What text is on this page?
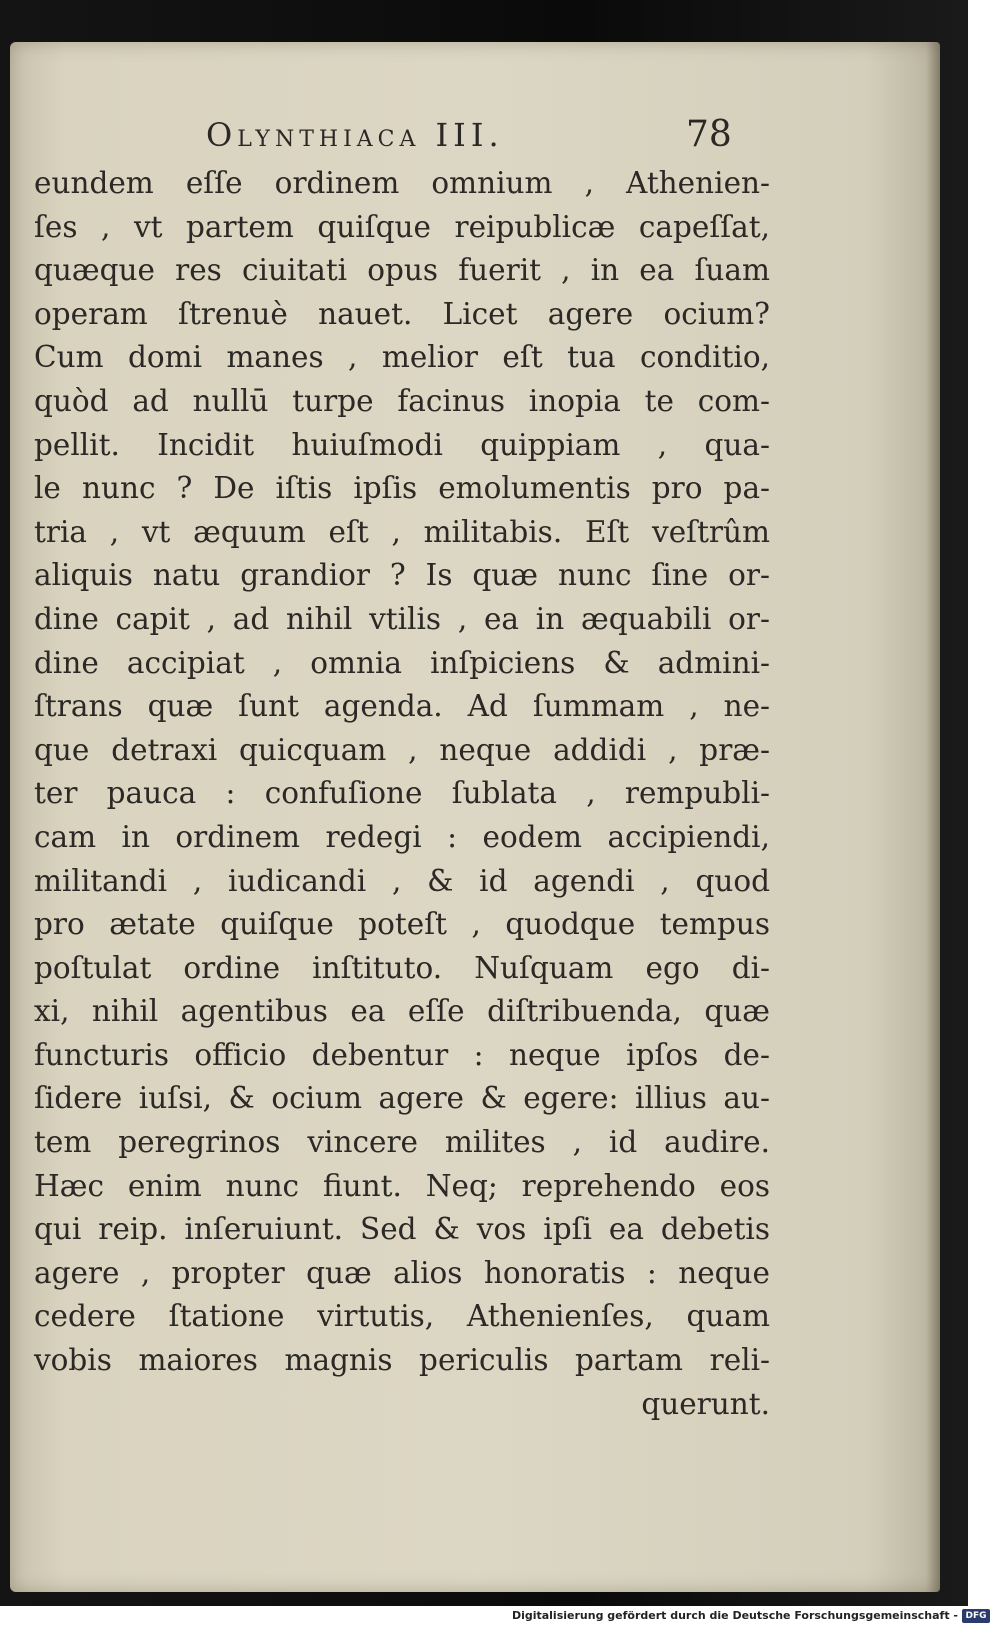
Olynthiaca III.	78
eundem eſſe ordinem omnium , Athenien-
ſes , vt partem quiſque reipublicæ capeſſat,
quæque res ciuitati opus fuerit , in ea ſuam
operam ſtrenuè nauet. Licet agere ocium?
Cum domi manes , melior eſt tua conditio,
quòd ad nullū turpe facinus inopia te com-
pellit. Incidit huiuſmodi quippiam , qua-
le nunc ? De iſtis ipſis emolumentis pro pa-
tria , vt æquum eſt , militabis. Eſt veſtrûm
aliquis natu grandior ? Is quæ nunc ſine or-
dine capit , ad nihil vtilis , ea in æquabili or-
dine accipiat , omnia inſpiciens & admini-
ſtrans quæ ſunt agenda. Ad ſummam , ne-
que detraxi quicquam , neque addidi , præ-
ter pauca : confuſione ſublata , rempubli-
cam in ordinem redegi : eodem accipiendi,
militandi , iudicandi , & id agendi , quod
pro ætate quiſque poteſt , quodque tempus
poſtulat ordine inſtituto. Nuſquam ego di-
xi, nihil agentibus ea eſſe diſtribuenda, quæ
functuris officio debentur : neque ipſos de-
ſidere iuſsi, & ocium agere & egere: illius au-
tem peregrinos vincere milites , id audire.
Hæc enim nunc fiunt. Neq; reprehendo eos
qui reip. inſeruiunt. Sed & vos ipſi ea debetis
agere , propter quæ alios honoratis : neque
cedere ſtatione virtutis, Athenienſes, quam
vobis maiores magnis periculis partam reli-
querunt.
Digitalisierung gefördert durch die Deutsche Forschungsgemeinschaft - DFG
